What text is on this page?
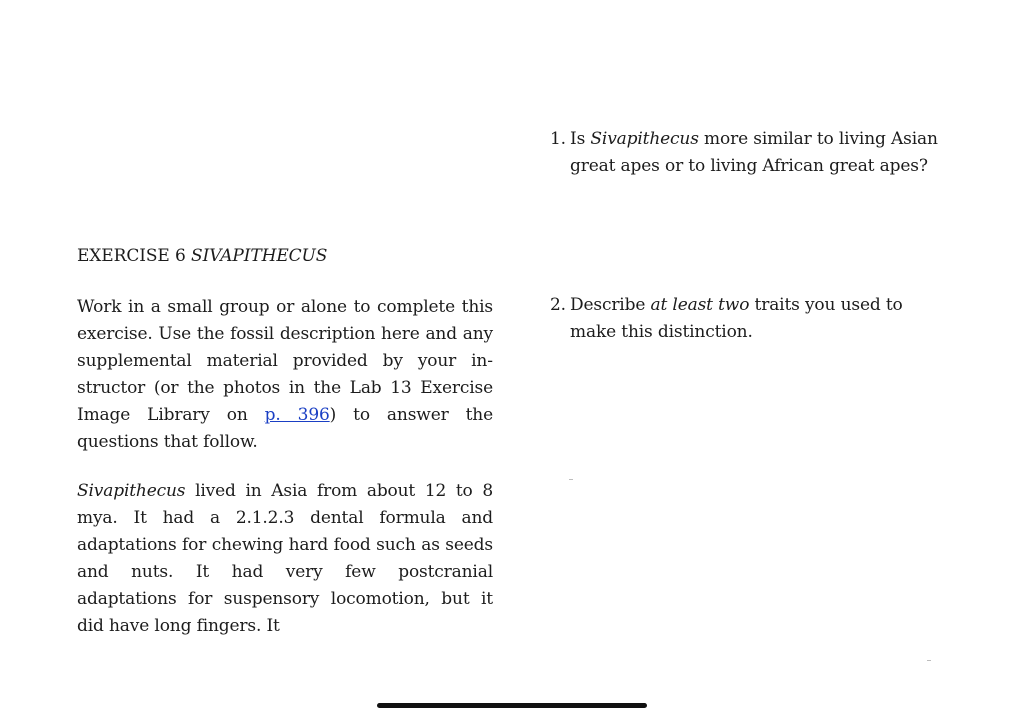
EXERCISE 6 SIVAPITHECUS

Work in a small group or alone to complete this exercise. Use the fossil description here and any supplemental material provided by your instructor (or the photos in the Lab 13 Exercise Image Library on p. 396) to answer the questions that follow.

Sivapithecus lived in Asia from about 12 to 8 mya. It had a 2.1.2.3 dental formula and adaptations for chewing hard food such as seeds and nuts. It had very few postcranial adaptations for suspensory locomotion, but it did have long fingers. It

1. Is Sivapithecus more similar to living Asian great apes or to living African great apes?
2. Describe at least two traits you used to make this distinction.
